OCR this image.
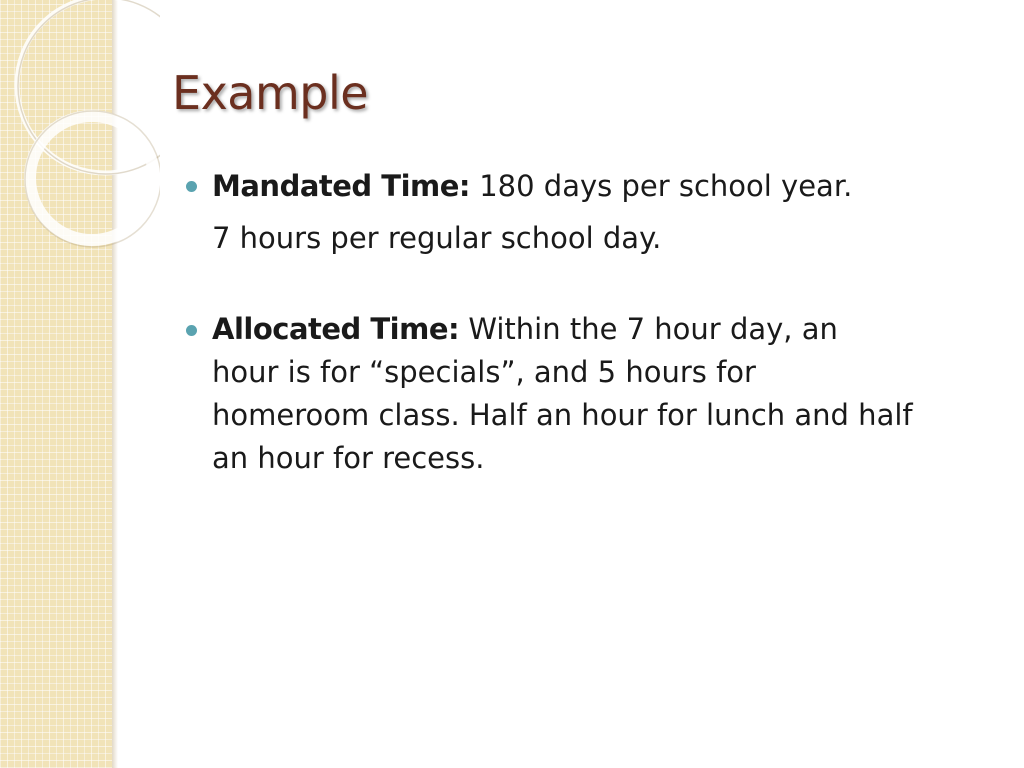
Example
Mandated Time: 180 days per school year.
7 hours per regular school day.
Allocated Time: Within the 7 hour day, an
hour is for “specials”, and 5 hours for
homeroom class. Half an hour for lunch and half
an hour for recess.
